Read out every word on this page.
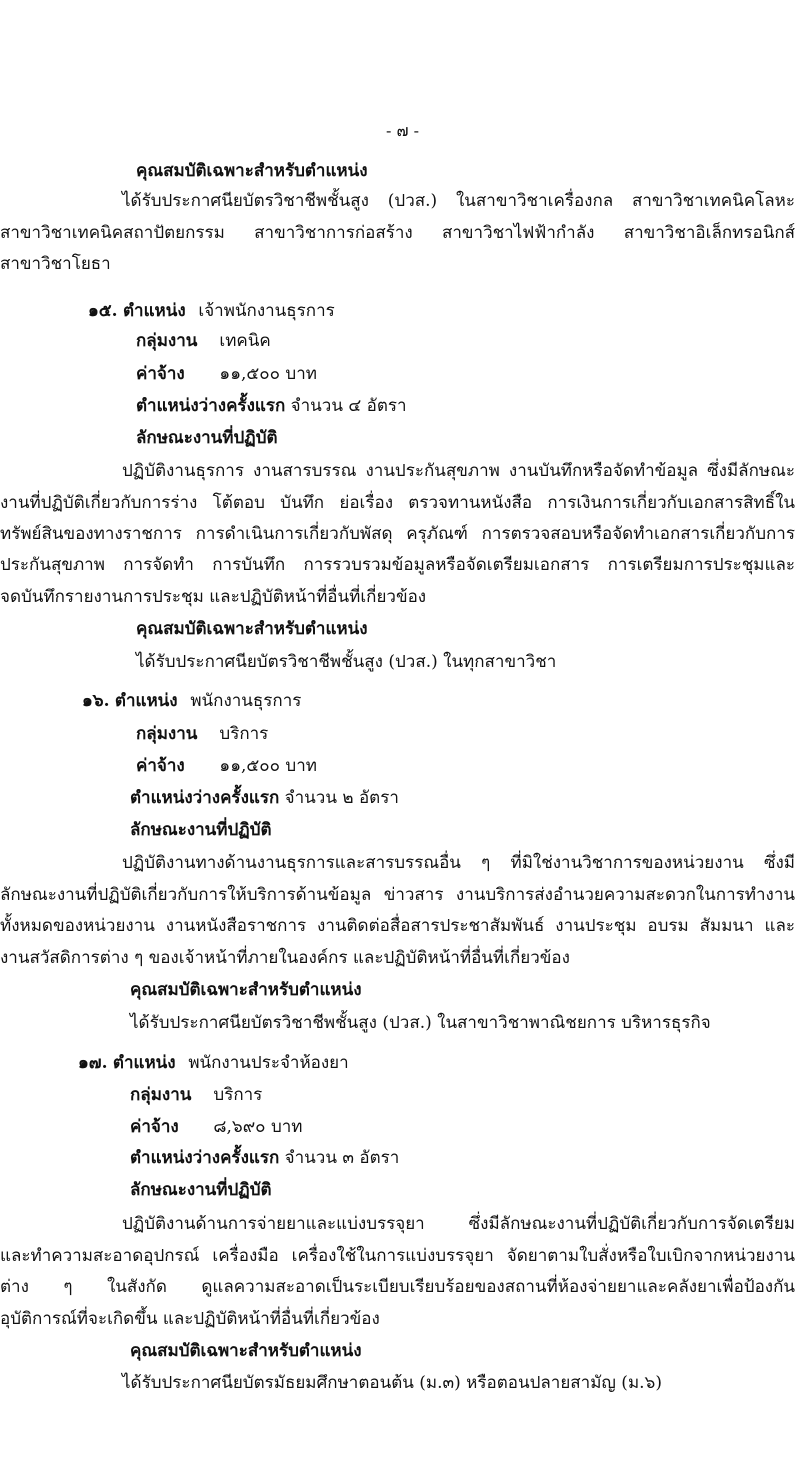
- ๗ -
คุณสมบัติเฉพาะสำหรับตำแหน่ง
ได้รับประกาศนียบัตรวิชาชีพชั้นสูง (ปวส.) ในสาขาวิชาเครื่องกล สาขาวิชาเทคนิคโลหะ
สาขาวิชาเทคนิคสถาปัตยกรรม สาขาวิชาการก่อสร้าง สาขาวิชาไฟฟ้ากำลัง สาขาวิชาอิเล็กทรอนิกส์
สาขาวิชาโยธา
๑๕. ตำแหน่ง เจ้าพนักงานธุรการ
กลุ่มงาน เทคนิค
ค่าจ้าง ๑๑,๕๐๐ บาท
ตำแหน่งว่างครั้งแรก จำนวน ๔ อัตรา
ลักษณะงานที่ปฏิบัติ
ปฏิบัติงานธุรการ งานสารบรรณ งานประกันสุขภาพ งานบันทึกหรือจัดทำข้อมูล ซึ่งมีลักษณะ
งานที่ปฏิบัติเกี่ยวกับการร่าง โต้ตอบ บันทึก ย่อเรื่อง ตรวจทานหนังสือ การเงินการเกี่ยวกับเอกสารสิทธิ์ใน
ทรัพย์สินของทางราชการ การดำเนินการเกี่ยวกับพัสดุ ครุภัณฑ์ การตรวจสอบหรือจัดทำเอกสารเกี่ยวกับการ
ประกันสุขภาพ การจัดทำ การบันทึก การรวบรวมข้อมูลหรือจัดเตรียมเอกสาร การเตรียมการประชุมและ
จดบันทึกรายงานการประชุม และปฏิบัติหน้าที่อื่นที่เกี่ยวข้อง
คุณสมบัติเฉพาะสำหรับตำแหน่ง
ได้รับประกาศนียบัตรวิชาชีพชั้นสูง (ปวส.) ในทุกสาขาวิชา
๑๖. ตำแหน่ง พนักงานธุรการ
กลุ่มงาน บริการ
ค่าจ้าง ๑๑,๕๐๐ บาท
ตำแหน่งว่างครั้งแรก จำนวน ๒ อัตรา
ลักษณะงานที่ปฏิบัติ
ปฏิบัติงานทางด้านงานธุรการและสารบรรณอื่น ๆ ที่มิใช่งานวิชาการของหน่วยงาน ซึ่งมี
ลักษณะงานที่ปฏิบัติเกี่ยวกับการให้บริการด้านข้อมูล ข่าวสาร งานบริการส่งอำนวยความสะดวกในการทำงาน
ทั้งหมดของหน่วยงาน งานหนังสือราชการ งานติดต่อสื่อสารประชาสัมพันธ์ งานประชุม อบรม สัมมนา และ
งานสวัสดิการต่าง ๆ ของเจ้าหน้าที่ภายในองค์กร และปฏิบัติหน้าที่อื่นที่เกี่ยวข้อง
คุณสมบัติเฉพาะสำหรับตำแหน่ง
ได้รับประกาศนียบัตรวิชาชีพชั้นสูง (ปวส.) ในสาขาวิชาพาณิชยการ บริหารธุรกิจ
๑๗. ตำแหน่ง พนักงานประจำห้องยา
กลุ่มงาน บริการ
ค่าจ้าง ๘,๖๙๐ บาท
ตำแหน่งว่างครั้งแรก จำนวน ๓ อัตรา
ลักษณะงานที่ปฏิบัติ
ปฏิบัติงานด้านการจ่ายยาและแบ่งบรรจุยา ซึ่งมีลักษณะงานที่ปฏิบัติเกี่ยวกับการจัดเตรียม
และทำความสะอาดอุปกรณ์ เครื่องมือ เครื่องใช้ในการแบ่งบรรจุยา จัดยาตามใบสั่งหรือใบเบิกจากหน่วยงาน
ต่าง ๆ ในสังกัด ดูแลความสะอาดเป็นระเบียบเรียบร้อยของสถานที่ห้องจ่ายยาและคลังยาเพื่อป้องกัน
อุบัติการณ์ที่จะเกิดขึ้น และปฏิบัติหน้าที่อื่นที่เกี่ยวข้อง
คุณสมบัติเฉพาะสำหรับตำแหน่ง
ได้รับประกาศนียบัตรมัธยมศึกษาตอนต้น (ม.๓) หรือตอนปลายสามัญ (ม.๖)
